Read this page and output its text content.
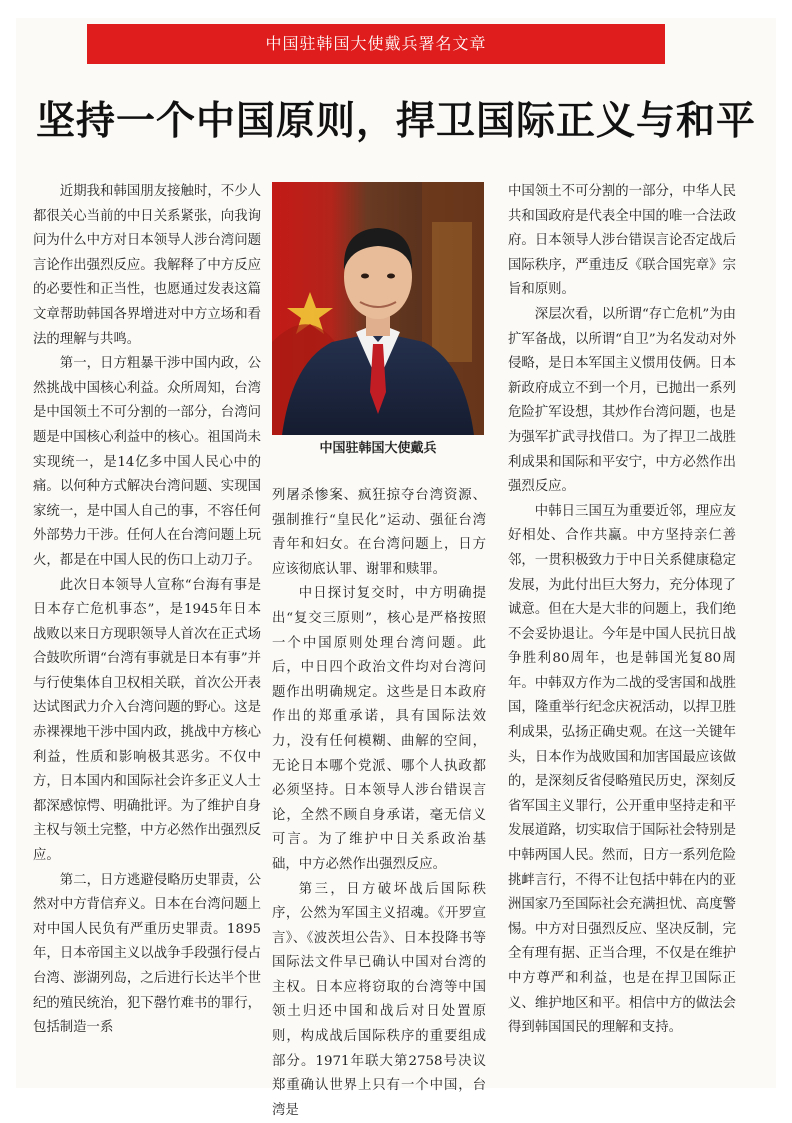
中国驻韩国大使戴兵署名文章
坚持一个中国原则，捍卫国际正义与和平

近期我和韩国朋友接触时，不少人都很关心当前的中日关系紧张，向我询问为什么中方对日本领导人涉台湾问题言论作出强烈反应。我解释了中方反应的必要性和正当性，也愿通过发表这篇文章帮助韩国各界增进对中方立场和看法的理解与共鸣。

第一，日方粗暴干涉中国内政，公然挑战中国核心利益。众所周知，台湾是中国领土不可分割的一部分，台湾问题是中国核心利益中的核心。祖国尚未实现统一，是14亿多中国人民心中的痛。以何种方式解决台湾问题、实现国家统一，是中国人自己的事，不容任何外部势力干涉。任何人在台湾问题上玩火，都是在中国人民的伤口上动刀子。

此次日本领导人宣称“台海有事是日本存亡危机事态”，是1945年日本战败以来日方现职领导人首次在正式场合鼓吹所谓“台湾有事就是日本有事”并与行使集体自卫权相关联，首次公开表达试图武力介入台湾问题的野心。这是赤裸裸地干涉中国内政，挑战中方核心利益，性质和影响极其恶劣。不仅中方，日本国内和国际社会许多正义人士都深感惊愕、明确批评。为了维护自身主权与领土完整，中方必然作出强烈反应。

第二，日方逃避侵略历史罪责，公然对中方背信弃义。日本在台湾问题上对中国人民负有严重历史罪责。1895年，日本帝国主义以战争手段强行侵占台湾、澎湖列岛，之后进行长达半个世纪的殖民统治，犯下罄竹难书的罪行，包括制造一系

中国驻韩国大使戴兵

列屠杀惨案、疯狂掠夺台湾资源、强制推行“皇民化”运动、强征台湾青年和妇女。在台湾问题上，日方应该彻底认罪、谢罪和赎罪。

中日探讨复交时，中方明确提出“复交三原则”，核心是严格按照一个中国原则处理台湾问题。此后，中日四个政治文件均对台湾问题作出明确规定。这些是日本政府作出的郑重承诺，具有国际法效力，没有任何模糊、曲解的空间，无论日本哪个党派、哪个人执政都必须坚持。日本领导人涉台错误言论，全然不顾自身承诺，毫无信义可言。为了维护中日关系政治基础，中方必然作出强烈反应。

第三，日方破坏战后国际秩序，公然为军国主义招魂。《开罗宣言》、《波茨坦公告》、日本投降书等国际法文件早已确认中国对台湾的主权。日本应将窃取的台湾等中国领土归还中国和战后对日处置原则，构成战后国际秩序的重要组成部分。1971年联大第2758号决议郑重确认世界上只有一个中国，台湾是

中国领土不可分割的一部分，中华人民共和国政府是代表全中国的唯一合法政府。日本领导人涉台错误言论否定战后国际秩序，严重违反《联合国宪章》宗旨和原则。

深层次看，以所谓“存亡危机”为由扩军备战，以所谓“自卫”为名发动对外侵略，是日本军国主义惯用伎俩。日本新政府成立不到一个月，已抛出一系列危险扩军设想，其炒作台湾问题，也是为强军扩武寻找借口。为了捍卫二战胜利成果和国际和平安宁，中方必然作出强烈反应。

中韩日三国互为重要近邻，理应友好相处、合作共赢。中方坚持亲仁善邻，一贯积极致力于中日关系健康稳定发展，为此付出巨大努力，充分体现了诚意。但在大是大非的问题上，我们绝不会妥协退让。今年是中国人民抗日战争胜利80周年，也是韩国光复80周年。中韩双方作为二战的受害国和战胜国，隆重举行纪念庆祝活动，以捍卫胜利成果，弘扬正确史观。在这一关键年头，日本作为战败国和加害国最应该做的，是深刻反省侵略殖民历史，深刻反省军国主义罪行，公开重申坚持走和平发展道路，切实取信于国际社会特别是中韩两国人民。然而，日方一系列危险挑衅言行，不得不让包括中韩在内的亚洲国家乃至国际社会充满担忧、高度警惕。中方对日强烈反应、坚决反制，完全有理有据、正当合理，不仅是在维护中方尊严和利益，也是在捍卫国际正义、维护地区和平。相信中方的做法会得到韩国国民的理解和支持。
